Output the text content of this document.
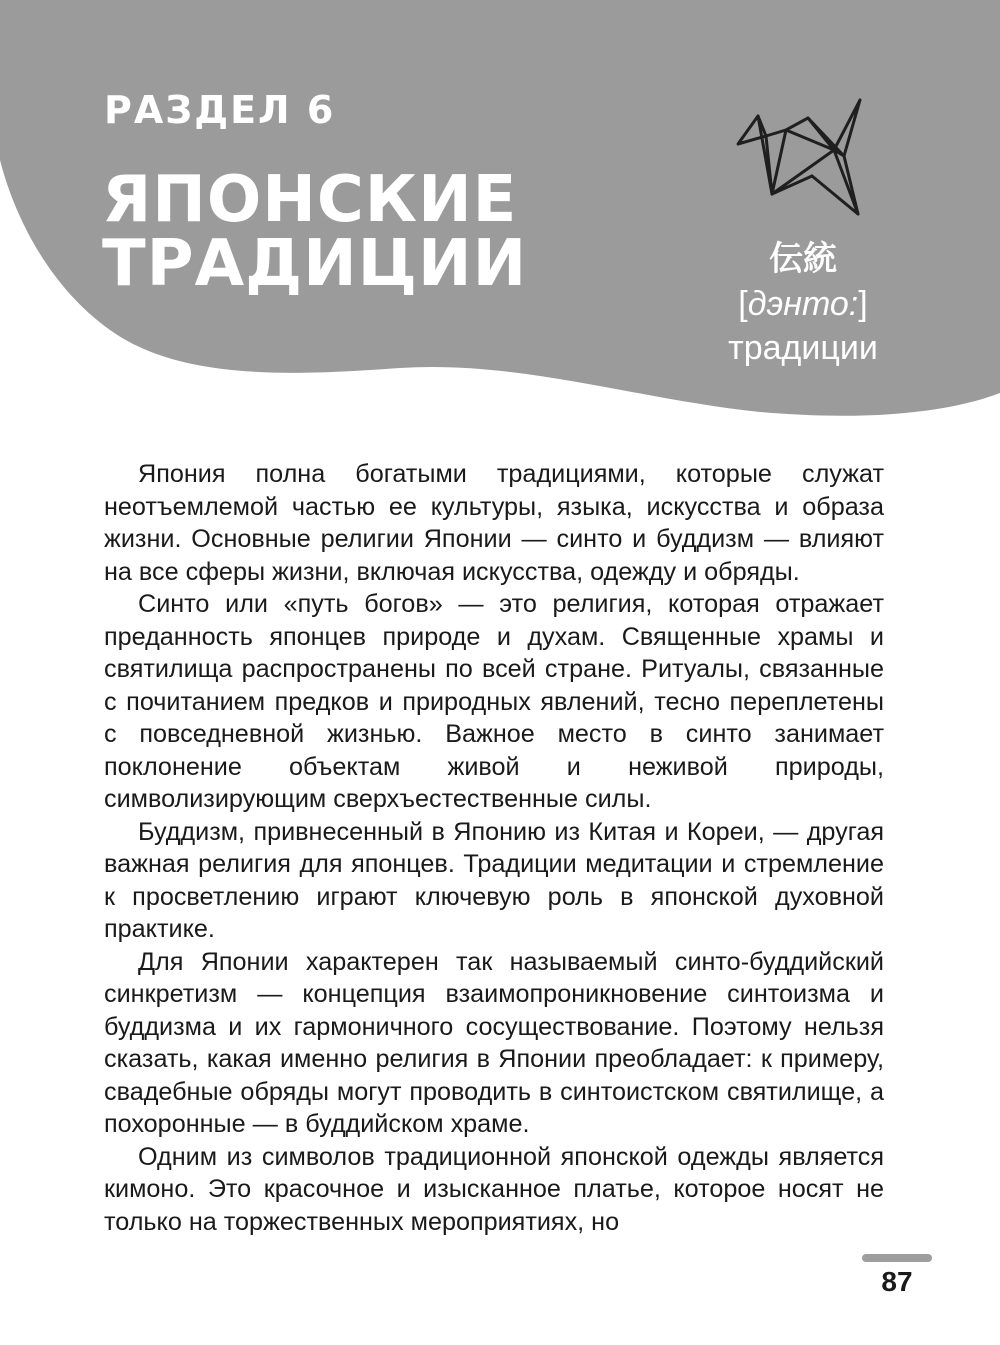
РАЗДЕЛ 6
ЯПОНСКИЕ
ТРАДИЦИИ	伝統
[дэнто:]
традиции

Япония полна богатыми традициями, которые служат неотъемлемой частью ее культуры, языка, искусства и образа жизни. Основные религии Японии — синто и буддизм — влияют на все сферы жизни, включая искусства, одежду и обряды.

Синто или «путь богов» — это религия, которая отражает преданность японцев природе и духам. Священные храмы и святилища распространены по всей стране. Ритуалы, связанные с почитанием предков и природных явлений, тесно переплетены с повседневной жизнью. Важное место в синто занимает поклонение объектам живой и неживой природы, символизирующим сверхъестественные силы.

Буддизм, привнесенный в Японию из Китая и Кореи, — другая важная религия для японцев. Традиции медитации и стремление к просветлению играют ключевую роль в японской духовной практике.

Для Японии характерен так называемый синто-буддийский синкретизм — концепция взаимопроникновение синтоизма и буддизма и их гармоничного сосуществование. Поэтому нельзя сказать, какая именно религия в Японии преобладает: к примеру, свадебные обряды могут проводить в синтоистском святилище, а похоронные — в буддийском храме.

Одним из символов традиционной японской одежды является кимоно. Это красочное и изысканное платье, которое носят не только на торжественных мероприятиях, но

87
